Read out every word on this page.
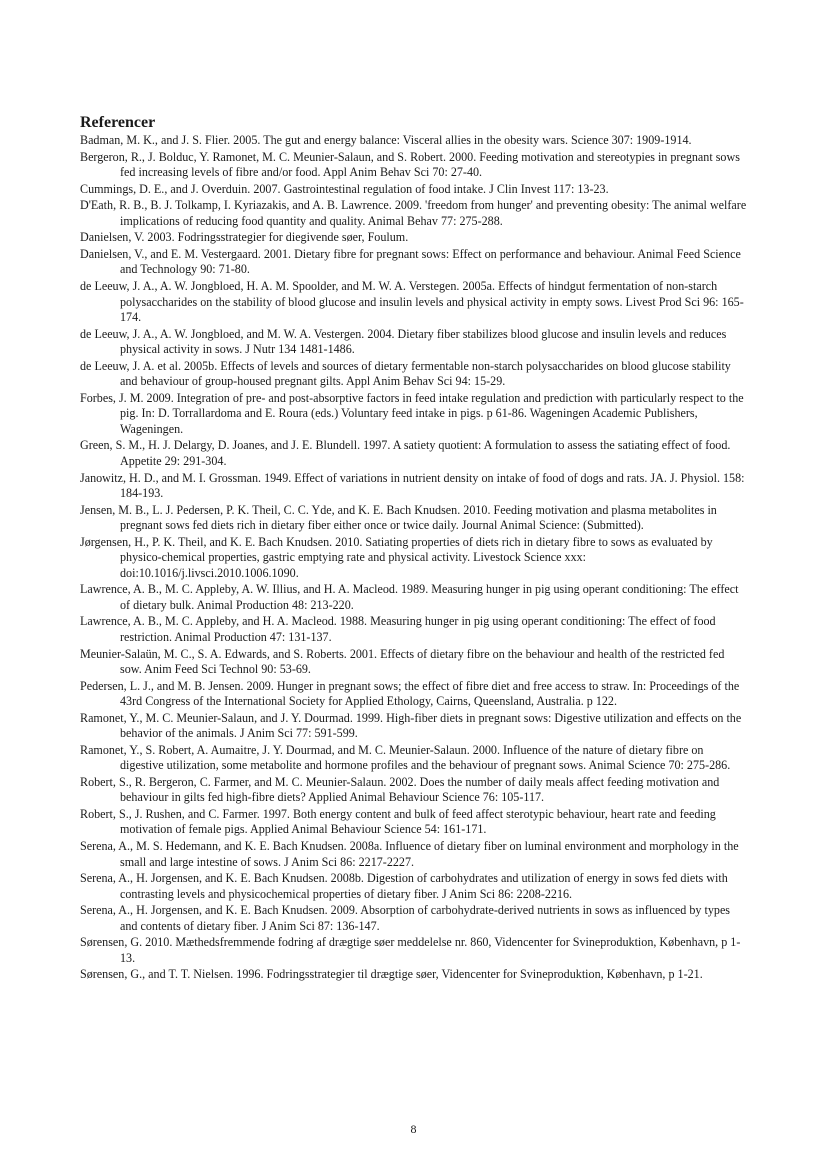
Referencer
Badman, M. K., and J. S. Flier. 2005. The gut and energy balance: Visceral allies in the obesity wars. Science 307: 1909-1914.
Bergeron, R., J. Bolduc, Y. Ramonet, M. C. Meunier-Salaun, and S. Robert. 2000. Feeding motivation and stereotypies in pregnant sows fed increasing levels of fibre and/or food. Appl Anim Behav Sci 70: 27-40.
Cummings, D. E., and J. Overduin. 2007. Gastrointestinal regulation of food intake. J Clin Invest 117: 13-23.
D'Eath, R. B., B. J. Tolkamp, I. Kyriazakis, and A. B. Lawrence. 2009. 'freedom from hunger' and preventing obesity: The animal welfare implications of reducing food quantity and quality. Animal Behav 77: 275-288.
Danielsen, V. 2003. Fodringsstrategier for diegivende søer, Foulum.
Danielsen, V., and E. M. Vestergaard. 2001. Dietary fibre for pregnant sows: Effect on performance and behaviour. Animal Feed Science and Technology 90: 71-80.
de Leeuw, J. A., A. W. Jongbloed, H. A. M. Spoolder, and M. W. A. Verstegen. 2005a. Effects of hindgut fermentation of non-starch polysaccharides on the stability of blood glucose and insulin levels and physical activity in empty sows. Livest Prod Sci 96: 165-174.
de Leeuw, J. A., A. W. Jongbloed, and M. W. A. Vestergen. 2004. Dietary fiber stabilizes blood glucose and insulin levels and reduces physical activity in sows. J Nutr 134 1481-1486.
de Leeuw, J. A. et al. 2005b. Effects of levels and sources of dietary fermentable non-starch polysaccharides on blood glucose stability and behaviour of group-housed pregnant gilts. Appl Anim Behav Sci 94: 15-29.
Forbes, J. M. 2009. Integration of pre- and post-absorptive factors in feed intake regulation and prediction with particularly respect to the pig. In: D. Torrallardoma and E. Roura (eds.) Voluntary feed intake in pigs. p 61-86. Wageningen Academic Publishers, Wageningen.
Green, S. M., H. J. Delargy, D. Joanes, and J. E. Blundell. 1997. A satiety quotient: A formulation to assess the satiating effect of food. Appetite 29: 291-304.
Janowitz, H. D., and M. I. Grossman. 1949. Effect of variations in nutrient density on intake of food of dogs and rats. JA. J. Physiol. 158: 184-193.
Jensen, M. B., L. J. Pedersen, P. K. Theil, C. C. Yde, and K. E. Bach Knudsen. 2010. Feeding motivation and plasma metabolites in pregnant sows fed diets rich in dietary fiber either once or twice daily. Journal Animal Science: (Submitted).
Jørgensen, H., P. K. Theil, and K. E. Bach Knudsen. 2010. Satiating properties of diets rich in dietary fibre to sows as evaluated by physico-chemical properties, gastric emptying rate and physical activity. Livestock Science xxx: doi:10.1016/j.livsci.2010.1006.1090.
Lawrence, A. B., M. C. Appleby, A. W. Illius, and H. A. Macleod. 1989. Measuring hunger in pig using operant conditioning: The effect of dietary bulk. Animal Production 48: 213-220.
Lawrence, A. B., M. C. Appleby, and H. A. Macleod. 1988. Measuring hunger in pig using operant conditioning: The effect of food restriction. Animal Production 47: 131-137.
Meunier-Salaün, M. C., S. A. Edwards, and S. Roberts. 2001. Effects of dietary fibre on the behaviour and health of the restricted fed sow. Anim Feed Sci Technol 90: 53-69.
Pedersen, L. J., and M. B. Jensen. 2009. Hunger in pregnant sows; the effect of fibre diet and free access to straw. In: Proceedings of the 43rd Congress of the International Society for Applied Ethology, Cairns, Queensland, Australia. p 122.
Ramonet, Y., M. C. Meunier-Salaun, and J. Y. Dourmad. 1999. High-fiber diets in pregnant sows: Digestive utilization and effects on the behavior of the animals. J Anim Sci 77: 591-599.
Ramonet, Y., S. Robert, A. Aumaitre, J. Y. Dourmad, and M. C. Meunier-Salaun. 2000. Influence of the nature of dietary fibre on digestive utilization, some metabolite and hormone profiles and the behaviour of pregnant sows. Animal Science 70: 275-286.
Robert, S., R. Bergeron, C. Farmer, and M. C. Meunier-Salaun. 2002. Does the number of daily meals affect feeding motivation and behaviour in gilts fed high-fibre diets? Applied Animal Behaviour Science 76: 105-117.
Robert, S., J. Rushen, and C. Farmer. 1997. Both energy content and bulk of feed affect sterotypic behaviour, heart rate and feeding motivation of female pigs. Applied Animal Behaviour Science 54: 161-171.
Serena, A., M. S. Hedemann, and K. E. Bach Knudsen. 2008a. Influence of dietary fiber on luminal environment and morphology in the small and large intestine of sows. J Anim Sci 86: 2217-2227.
Serena, A., H. Jorgensen, and K. E. Bach Knudsen. 2008b. Digestion of carbohydrates and utilization of energy in sows fed diets with contrasting levels and physicochemical properties of dietary fiber. J Anim Sci 86: 2208-2216.
Serena, A., H. Jorgensen, and K. E. Bach Knudsen. 2009. Absorption of carbohydrate-derived nutrients in sows as influenced by types and contents of dietary fiber. J Anim Sci 87: 136-147.
Sørensen, G. 2010. Mæthedsfremmende fodring af drægtige søer meddelelse nr. 860, Videncenter for Svineproduktion, København, p 1-13.
Sørensen, G., and T. T. Nielsen. 1996. Fodringsstrategier til drægtige søer, Videncenter for Svineproduktion, København, p 1-21.
8
